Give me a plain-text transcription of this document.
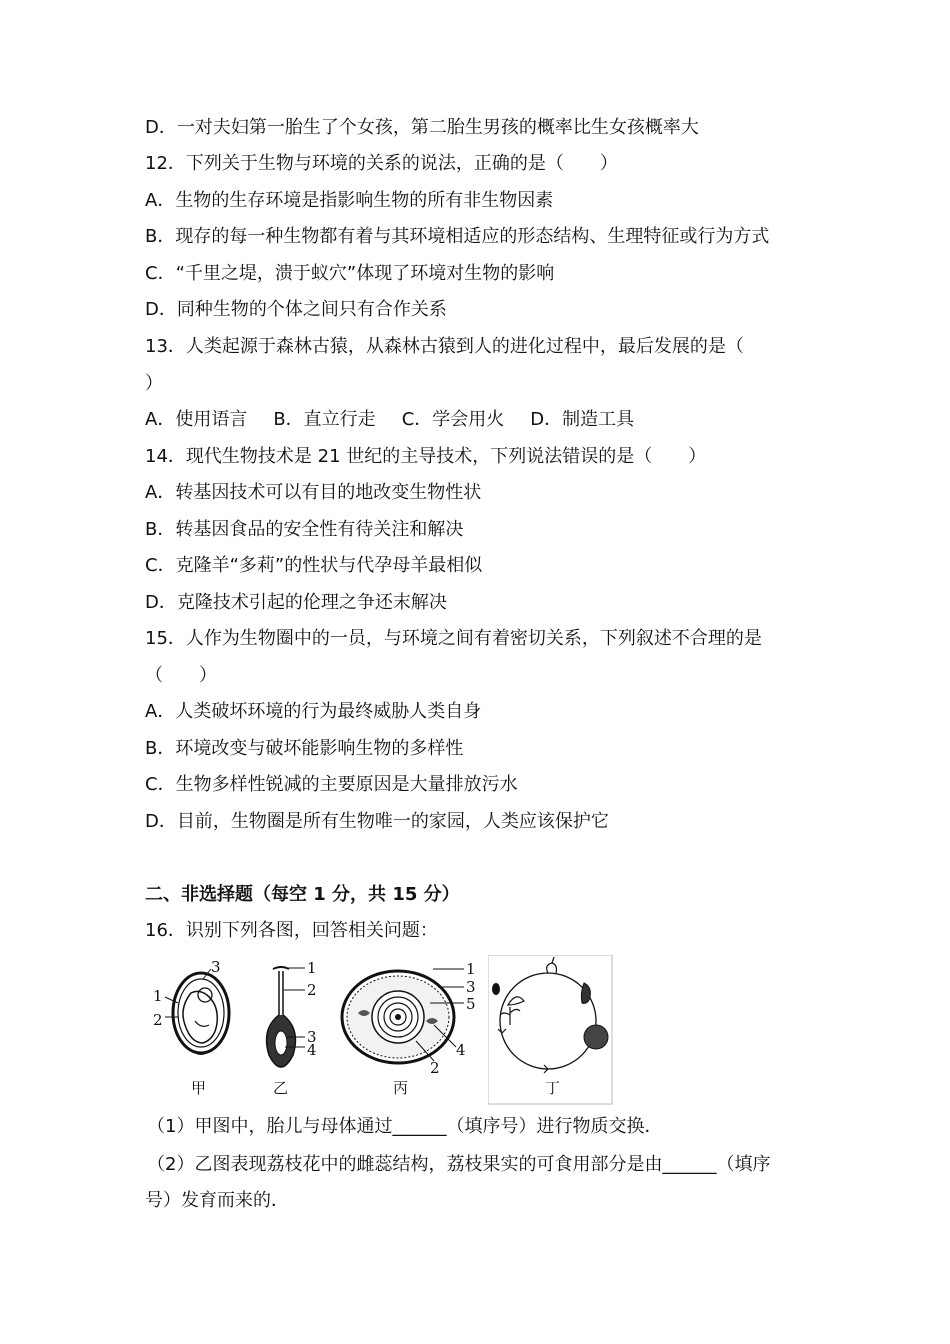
D．一对夫妇第一胎生了个女孩，第二胎生男孩的概率比生女孩概率大
12．下列关于生物与环境的关系的说法，正确的是（　　）
A．生物的生存环境是指影响生物的所有非生物因素
B．现存的每一种生物都有着与其环境相适应的形态结构、生理特征或行为方式
C．“千里之堤，溃于蚁穴”体现了环境对生物的影响
D．同种生物的个体之间只有合作关系
13．人类起源于森林古猿，从森林古猿到人的进化过程中，最后发展的是（
）
A．使用语言 B．直立行走 C．学会用火 D．制造工具
14．现代生物技术是 21 世纪的主导技术，下列说法错误的是（　　）
A．转基因技术可以有目的地改变生物性状
B．转基因食品的安全性有待关注和解决
C．克隆羊“多莉”的性状与代孕母羊最相似
D．克隆技术引起的伦理之争还末解决
15．人作为生物圈中的一员，与环境之间有着密切关系，下列叙述不合理的是
（　　）
A．人类破坏环境的行为最终威胁人类自身
B．环境改变与破坏能影响生物的多样性
C．生物多样性锐减的主要原因是大量排放污水
D．目前，生物圈是所有生物唯一的家园，人类应该保护它
二、非选择题（每空 1 分，共 15 分）
16．识别下列各图，回答相关问题：
1
2
3
甲
1
2
3
4
乙
1
3
5
4
2
丙	丁
（1）甲图中，胎儿与母体通过______（填序号）进行物质交换．
（2）乙图表现荔枝花中的雌蕊结构，荔枝果实的可食用部分是由______（填序
号）发育而来的．
